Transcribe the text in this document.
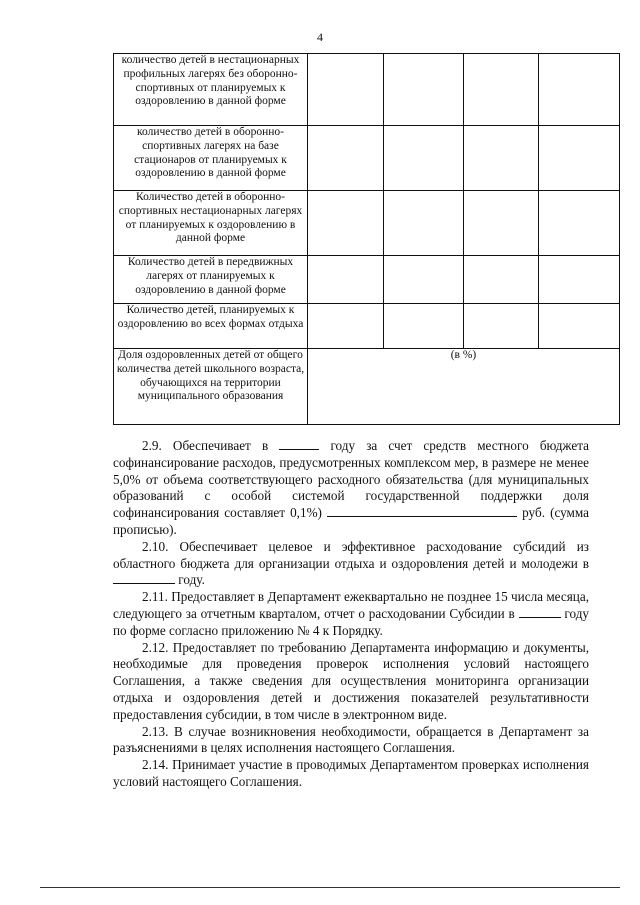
4
количество детей в нестационарных профильных лагерях без оборонно-спортивных от планируемых к оздоровлению в данной форме				
количество детей в оборонно-спортивных лагерях на базе стационаров от планируемых к оздоровлению в данной форме				
Количество детей в оборонно-спортивных нестационарных лагерях от планируемых к оздоровлению в данной форме				
Количество детей в передвижных лагерях от планируемых к оздоровлению в данной форме				
Количество детей, планируемых к оздоровлению во всех формах отдыха				
Доля оздоровленных детей от общего количества детей школьного возраста, обучающихся на территории муниципального образования	(в %)			

2.9. Обеспечивает в	году за счет средств местного бюджета софинансирование расходов, предусмотренных комплексом мер, в размере не менее 5,0% от объема соответствующего расходного обязательства (для муниципальных образований с особой системой государственной поддержки доля софинансирования составляет 0,1%)	руб. (сумма прописью).

2.10. Обеспечивает целевое и эффективное расходование субсидий из областного бюджета для организации отдыха и оздоровления детей и молодежи в  году.

2.11. Предоставляет в Департамент ежеквартально не позднее 15 числа месяца, следующего за отчетным кварталом, отчет о расходовании Субсидии в	году по форме согласно приложению № 4 к Порядку.

2.12. Предоставляет по требованию Департамента информацию и документы, необходимые для проведения проверок исполнения условий настоящего Соглашения, а также сведения для осуществления мониторинга организации отдыха и оздоровления детей и достижения показателей результативности предоставления субсидии, в том числе в электронном виде.

2.13. В случае возникновения необходимости, обращается в Департамент за разъяснениями в целях исполнения настоящего Соглашения.

2.14. Принимает участие в проводимых Департаментом проверках исполнения условий настоящего Соглашения.
